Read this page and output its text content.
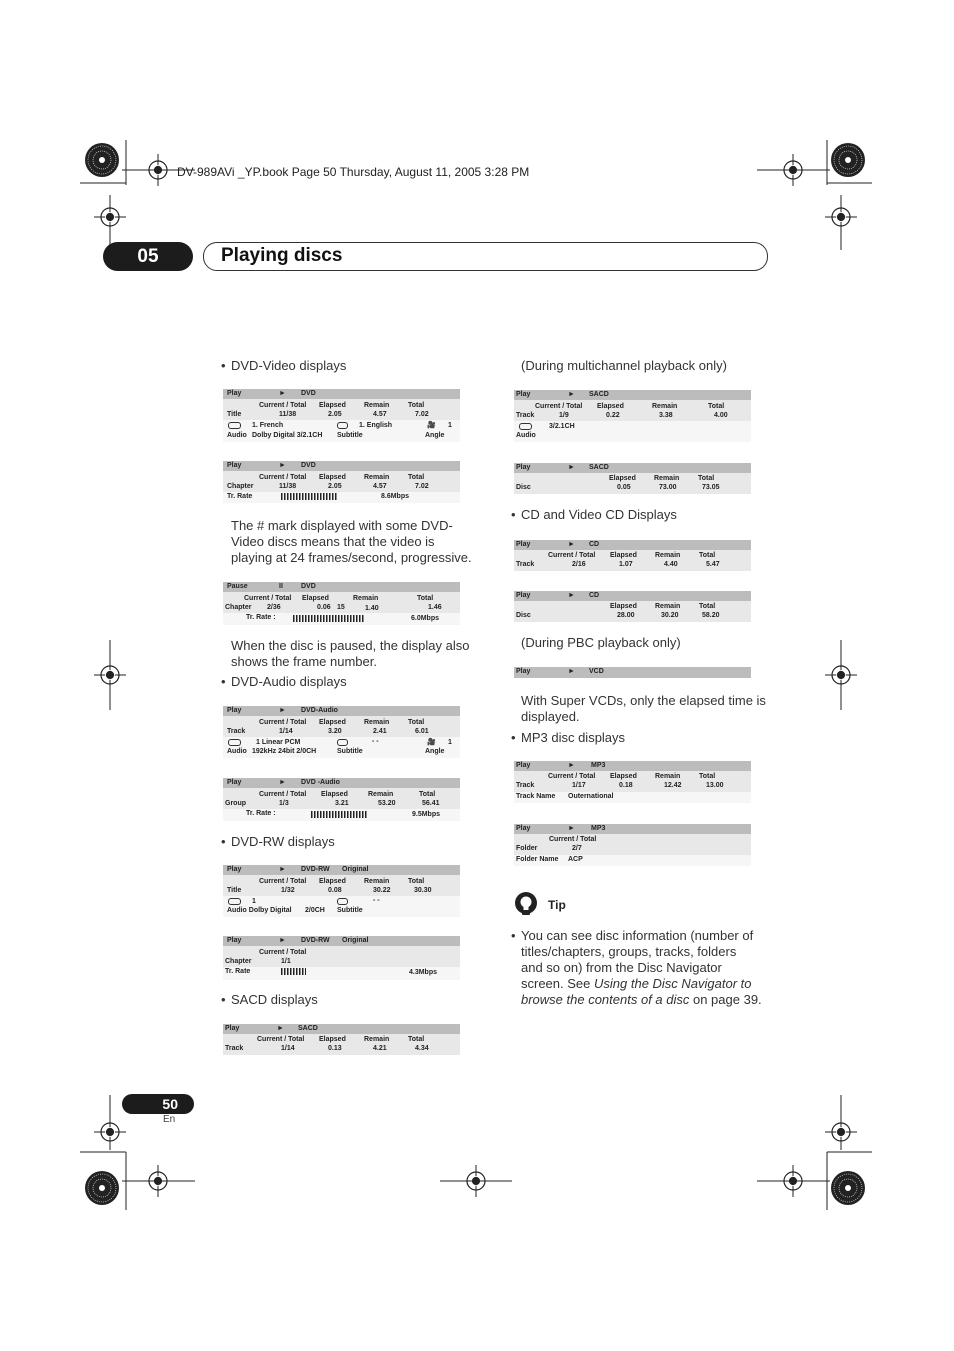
DV-989AVi _YP.book Page 50 Thursday, August 11, 2005 3:28 PM
05	Playing discs
• DVD-Video displays
Play	► DVD
Current / Total Elapsed	Remain	Total
Title	11/38	2.05	4.57	7.02
1. French	1. English	🎥 1
Audio Dolby Digital 3/2.1CH Subtitle	Angle
Play	► DVD
Current / Total Elapsed	Remain	Total
Chapter	11/38	2.05	4.57	7.02
Tr. Rate	8.6Mbps
The # mark displayed with some DVD-
Video discs means that the video is
playing at 24 frames/second, progressive.
Pause	II	DVD
Current / Total Elapsed	Remain	Total
Chapter 2/36	0.06 15	1.40	1.46
Tr. Rate :	6.0Mbps
When the disc is paused, the display also
shows the frame number.
• DVD-Audio displays
Play	► DVD-Audio
Current / Total Elapsed	Remain	Total
Track	1/14	3.20	2.41	6.01
1 Linear PCM	- -	🎥 1
Audio 192kHz 24bit 2/0CH	Subtitle	Angle
Play	► DVD -Audio
Current / Total Elapsed	Remain	Total
Group	1/3	3.21	53.20	56.41
Tr. Rate :	9.5Mbps
• DVD-RW displays
Play	► DVD-RW Original
Current / Total Elapsed	Remain	Total
Title	1/32	0.08	30.22	30.30
1	- -
Audio Dolby Digital 2/0CH Subtitle
Play	► DVD-RW Original
Current / Total
Chapter	1/1
Tr. Rate	4.3Mbps
• SACD displays
Play	► SACD
Current / Total Elapsed	Remain	Total
Track	1/14	0.13	4.21	4.34
(During multichannel playback only)
Play	► SACD
Current / Total Elapsed	Remain	Total
Track	1/9	0.22	3.38	4.00
3/2.1CH
Audio
Play	► SACD
Elapsed	Remain	Total
Disc	0.05	73.00	73.05
• CD and Video CD Displays
Play	► CD
Current / Total Elapsed	Remain	Total
Track	2/16	1.07	4.40	5.47
Play	► CD
Elapsed	Remain	Total
Disc	28.00	30.20	58.20
(During PBC playback only)
Play	► VCD
With Super VCDs, only the elapsed time is
displayed.
• MP3 disc displays
Play	► MP3
Current / Total Elapsed	Remain	Total
Track	1/17	0.18	12.42	13.00
Track Name Outernational
Play	► MP3
Current / Total
Folder	2/7
Folder Name ACP
Tip
• You can see disc information (number of
titles/chapters, groups, tracks, folders
and so on) from the Disc Navigator
screen. See Using the Disc Navigator to
browse the contents of a disc on page 39.
50
En
